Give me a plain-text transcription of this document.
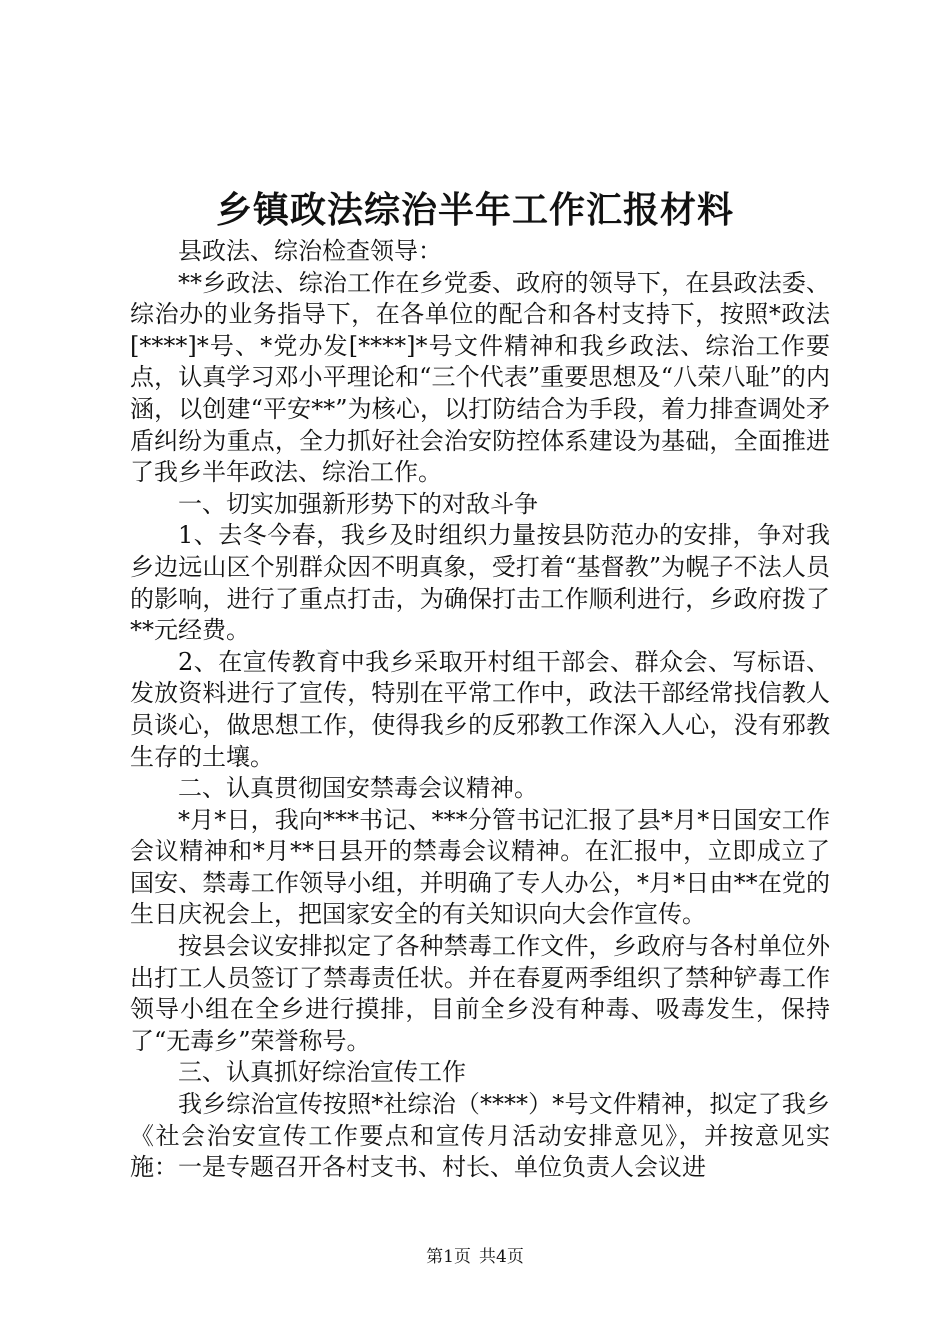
乡镇政法综治半年工作汇报材料

县政法、综治检查领导：

**乡政法、综治工作在乡党委、政府的领导下，在县政法委、综治办的业务指导下，在各单位的配合和各村支持下，按照*政法[****]*号、*党办发[****]*号文件精神和我乡政法、综治工作要点，认真学习邓小平理论和“三个代表”重要思想及“八荣八耻”的内涵，以创建“平安**”为核心，以打防结合为手段，着力排查调处矛盾纠纷为重点，全力抓好社会治安防控体系建设为基础，全面推进了我乡半年政法、综治工作。

一、切实加强新形势下的对敌斗争

1、去冬今春，我乡及时组织力量按县防范办的安排，争对我乡边远山区个别群众因不明真象，受打着“基督教”为幌子不法人员的影响，进行了重点打击，为确保打击工作顺利进行，乡政府拨了**元经费。

2、在宣传教育中我乡采取开村组干部会、群众会、写标语、发放资料进行了宣传，特别在平常工作中，政法干部经常找信教人员谈心，做思想工作，使得我乡的反邪教工作深入人心，没有邪教生存的土壤。

二、认真贯彻国安禁毒会议精神。

*月*日，我向***书记、***分管书记汇报了县*月*日国安工作会议精神和*月**日县开的禁毒会议精神。在汇报中，立即成立了国安、禁毒工作领导小组，并明确了专人办公，*月*日由**在党的生日庆祝会上，把国家安全的有关知识向大会作宣传。

按县会议安排拟定了各种禁毒工作文件，乡政府与各村单位外出打工人员签订了禁毒责任状。并在春夏两季组织了禁种铲毒工作领导小组在全乡进行摸排，目前全乡没有种毒、吸毒发生，保持了“无毒乡”荣誉称号。

三、认真抓好综治宣传工作

我乡综治宣传按照*社综治（****）*号文件精神，拟定了我乡《社会治安宣传工作要点和宣传月活动安排意见》，并按意见实施：一是专题召开各村支书、村长、单位负责人会议进

第1页 共4页
